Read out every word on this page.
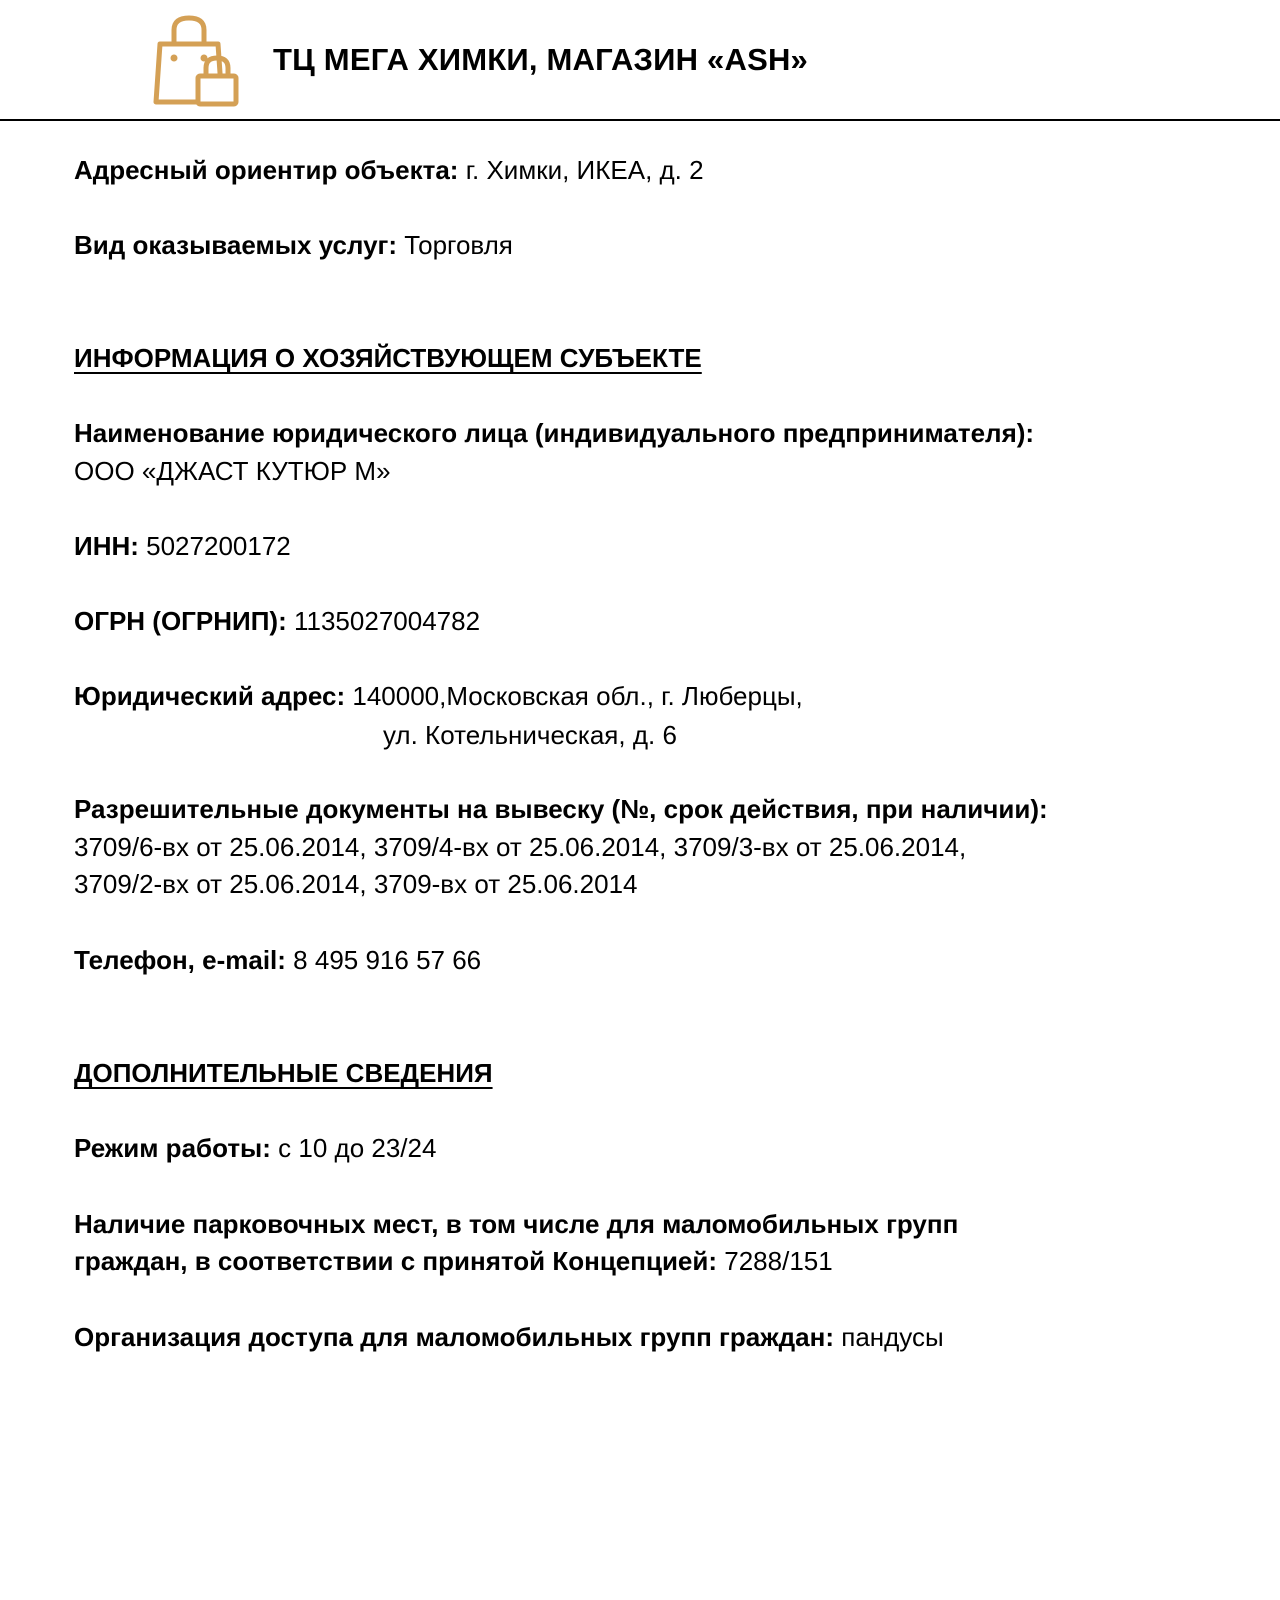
ТЦ МЕГА ХИМКИ, МАГАЗИН «ASH»
Адресный ориентир объекта: г. Химки, ИКЕА, д. 2
Вид оказываемых услуг: Торговля
ИНФОРМАЦИЯ О ХОЗЯЙСТВУЮЩЕМ СУБЪЕКТЕ
Наименование юридического лица (индивидуального предпринимателя):
ООО «ДЖАСТ КУТЮР М»
ИНН: 5027200172
ОГРН (ОГРНИП): 1135027004782
Юридический адрес: 140000,Московская обл., г. Люберцы,
ул. Котельническая, д. 6
Разрешительные документы на вывеску (№, срок действия, при наличии):
3709/6-вх от 25.06.2014, 3709/4-вх от 25.06.2014, 3709/3-вх от 25.06.2014,
3709/2-вх от 25.06.2014, 3709-вх от 25.06.2014
Телефон, e-mail: 8 495 916 57 66
ДОПОЛНИТЕЛЬНЫЕ СВЕДЕНИЯ
Режим работы: с 10 до 23/24
Наличие парковочных мест, в том числе для маломобильных групп
граждан, в соответствии с принятой Концепцией: 7288/151
Организация доступа для маломобильных групп граждан: пандусы
